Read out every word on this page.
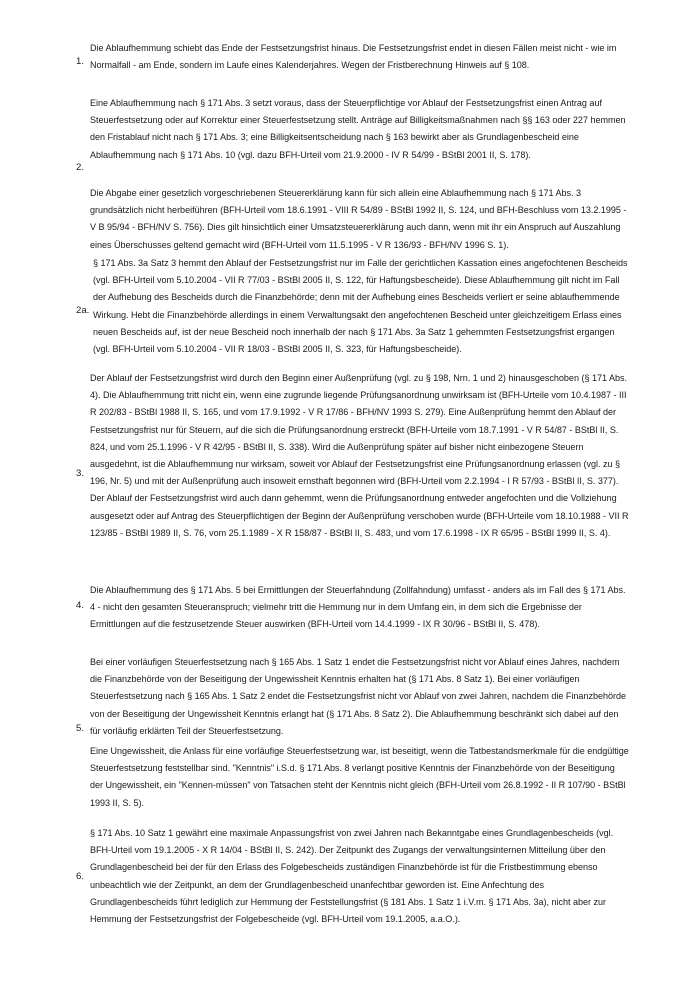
1.

Die Ablaufhemmung schiebt das Ende der Festsetzungsfrist hinaus. Die Festsetzungsfrist endet in diesen Fällen meist nicht - wie im Normalfall - am Ende, sondern im Laufe eines Kalenderjahres. Wegen der Fristberechnung Hinweis auf § 108.

2.

Eine Ablaufhemmung nach § 171 Abs. 3 setzt voraus, dass der Steuerpflichtige vor Ablauf der Festsetzungsfrist einen Antrag auf Steuerfestsetzung oder auf Korrektur einer Steuerfestsetzung stellt. Anträge auf Billigkeitsmaßnahmen nach §§ 163 oder 227 hemmen den Fristablauf nicht nach § 171 Abs. 3; eine Billigkeitsentscheidung nach § 163 bewirkt aber als Grundlagenbescheid eine Ablaufhemmung nach § 171 Abs. 10 (vgl. dazu BFH-Urteil vom 21.9.2000 - IV R 54/99 - BStBl 2001 II, S. 178).

Die Abgabe einer gesetzlich vorgeschriebenen Steuererklärung kann für sich allein eine Ablaufhemmung nach § 171 Abs. 3 grundsätzlich nicht herbeiführen (BFH-Urteil vom 18.6.1991 - VIII R 54/89 - BStBl 1992 II, S. 124, und BFH-Beschluss vom 13.2.1995 - V B 95/94 - BFH/NV S. 756). Dies gilt hinsichtlich einer Umsatzsteuererklärung auch dann, wenn mit ihr ein Anspruch auf Auszahlung eines Überschusses geltend gemacht wird (BFH-Urteil vom 11.5.1995 - V R 136/93 - BFH/NV 1996 S. 1).

2a.

§ 171 Abs. 3a Satz 3 hemmt den Ablauf der Festsetzungsfrist nur im Falle der gerichtlichen Kassation eines angefochtenen Bescheids (vgl. BFH-Urteil vom 5.10.2004 - VII R 77/03 - BStBl 2005 II, S. 122, für Haftungsbescheide). Diese Ablaufhemmung gilt nicht im Fall der Aufhebung des Bescheids durch die Finanzbehörde; denn mit der Aufhebung eines Bescheids verliert er seine ablaufhemmende Wirkung. Hebt die Finanzbehörde allerdings in einem Verwaltungsakt den angefochtenen Bescheid unter gleichzeitigem Erlass eines neuen Bescheids auf, ist der neue Bescheid noch innerhalb der nach § 171 Abs. 3a Satz 1 gehemmten Festsetzungsfrist ergangen (vgl. BFH-Urteil vom 5.10.2004 - VII R 18/03 - BStBl 2005 II, S. 323, für Haftungsbescheide).

3.

Der Ablauf der Festsetzungsfrist wird durch den Beginn einer Außenprüfung (vgl. zu § 198, Nrn. 1 und 2) hinausgeschoben (§ 171 Abs. 4). Die Ablaufhemmung tritt nicht ein, wenn eine zugrunde liegende Prüfungsanordnung unwirksam ist (BFH-Urteile vom 10.4.1987 - III R 202/83 - BStBl 1988 II, S. 165, und vom 17.9.1992 - V R 17/86 - BFH/NV 1993 S. 279). Eine Außenprüfung hemmt den Ablauf der Festsetzungsfrist nur für Steuern, auf die sich die Prüfungsanordnung erstreckt (BFH-Urteile vom 18.7.1991 - V R 54/87 - BStBl II, S. 824, und vom 25.1.1996 - V R 42/95 - BStBl II, S. 338). Wird die Außenprüfung später auf bisher nicht einbezogene Steuern ausgedehnt, ist die Ablaufhemmung nur wirksam, soweit vor Ablauf der Festsetzungsfrist eine Prüfungsanordnung erlassen (vgl. zu § 196, Nr. 5) und mit der Außenprüfung auch insoweit ernsthaft begonnen wird (BFH-Urteil vom 2.2.1994 - I R 57/93 - BStBl II, S. 377). Der Ablauf der Festsetzungsfrist wird auch dann gehemmt, wenn die Prüfungsanordnung entweder angefochten und die Vollziehung ausgesetzt oder auf Antrag des Steuerpflichtigen der Beginn der Außenprüfung verschoben wurde (BFH-Urteile vom 18.10.1988 - VII R 123/85 - BStBl 1989 II, S. 76, vom 25.1.1989 - X R 158/87 - BStBl II, S. 483, und vom 17.6.1998 - IX R 65/95 - BStBl 1999 II, S. 4).

4.

Die Ablaufhemmung des § 171 Abs. 5 bei Ermittlungen der Steuerfahndung (Zollfahndung) umfasst - anders als im Fall des § 171 Abs. 4 - nicht den gesamten Steueranspruch; vielmehr tritt die Hemmung nur in dem Umfang ein, in dem sich die Ergebnisse der Ermittlungen auf die festzusetzende Steuer auswirken (BFH-Urteil vom 14.4.1999 - IX R 30/96 - BStBl II, S. 478).

5.

Bei einer vorläufigen Steuerfestsetzung nach § 165 Abs. 1 Satz 1 endet die Festsetzungsfrist nicht vor Ablauf eines Jahres, nachdem die Finanzbehörde von der Beseitigung der Ungewissheit Kenntnis erhalten hat (§ 171 Abs. 8 Satz 1). Bei einer vorläufigen Steuerfestsetzung nach § 165 Abs. 1 Satz 2 endet die Festsetzungsfrist nicht vor Ablauf von zwei Jahren, nachdem die Finanzbehörde von der Beseitigung der Ungewissheit Kenntnis erlangt hat (§ 171 Abs. 8 Satz 2). Die Ablaufhemmung beschränkt sich dabei auf den für vorläufig erklärten Teil der Steuerfestsetzung.

Eine Ungewissheit, die Anlass für eine vorläufige Steuerfestsetzung war, ist beseitigt, wenn die Tatbestandsmerkmale für die endgültige Steuerfestsetzung feststellbar sind. "Kenntnis" i.S.d. § 171 Abs. 8 verlangt positive Kenntnis der Finanzbehörde von der Beseitigung der Ungewissheit, ein "Kennen-müssen" von Tatsachen steht der Kenntnis nicht gleich (BFH-Urteil vom 26.8.1992 - II R 107/90 - BStBl 1993 II, S. 5).

6.

§ 171 Abs. 10 Satz 1 gewährt eine maximale Anpassungsfrist von zwei Jahren nach Bekanntgabe eines Grundlagenbescheids (vgl. BFH-Urteil vom 19.1.2005 - X R 14/04 - BStBl II, S. 242). Der Zeitpunkt des Zugangs der verwaltungsinternen Mitteilung über den Grundlagenbescheid bei der für den Erlass des Folgebescheids zuständigen Finanzbehörde ist für die Fristbestimmung ebenso unbeachtlich wie der Zeitpunkt, an dem der Grundlagenbescheid unanfechtbar geworden ist. Eine Anfechtung des Grundlagenbescheids führt lediglich zur Hemmung der Feststellungsfrist (§ 181 Abs. 1 Satz 1 i.V.m. § 171 Abs. 3a), nicht aber zur Hemmung der Festsetzungsfrist der Folgebescheide (vgl. BFH-Urteil vom 19.1.2005, a.a.O.).
